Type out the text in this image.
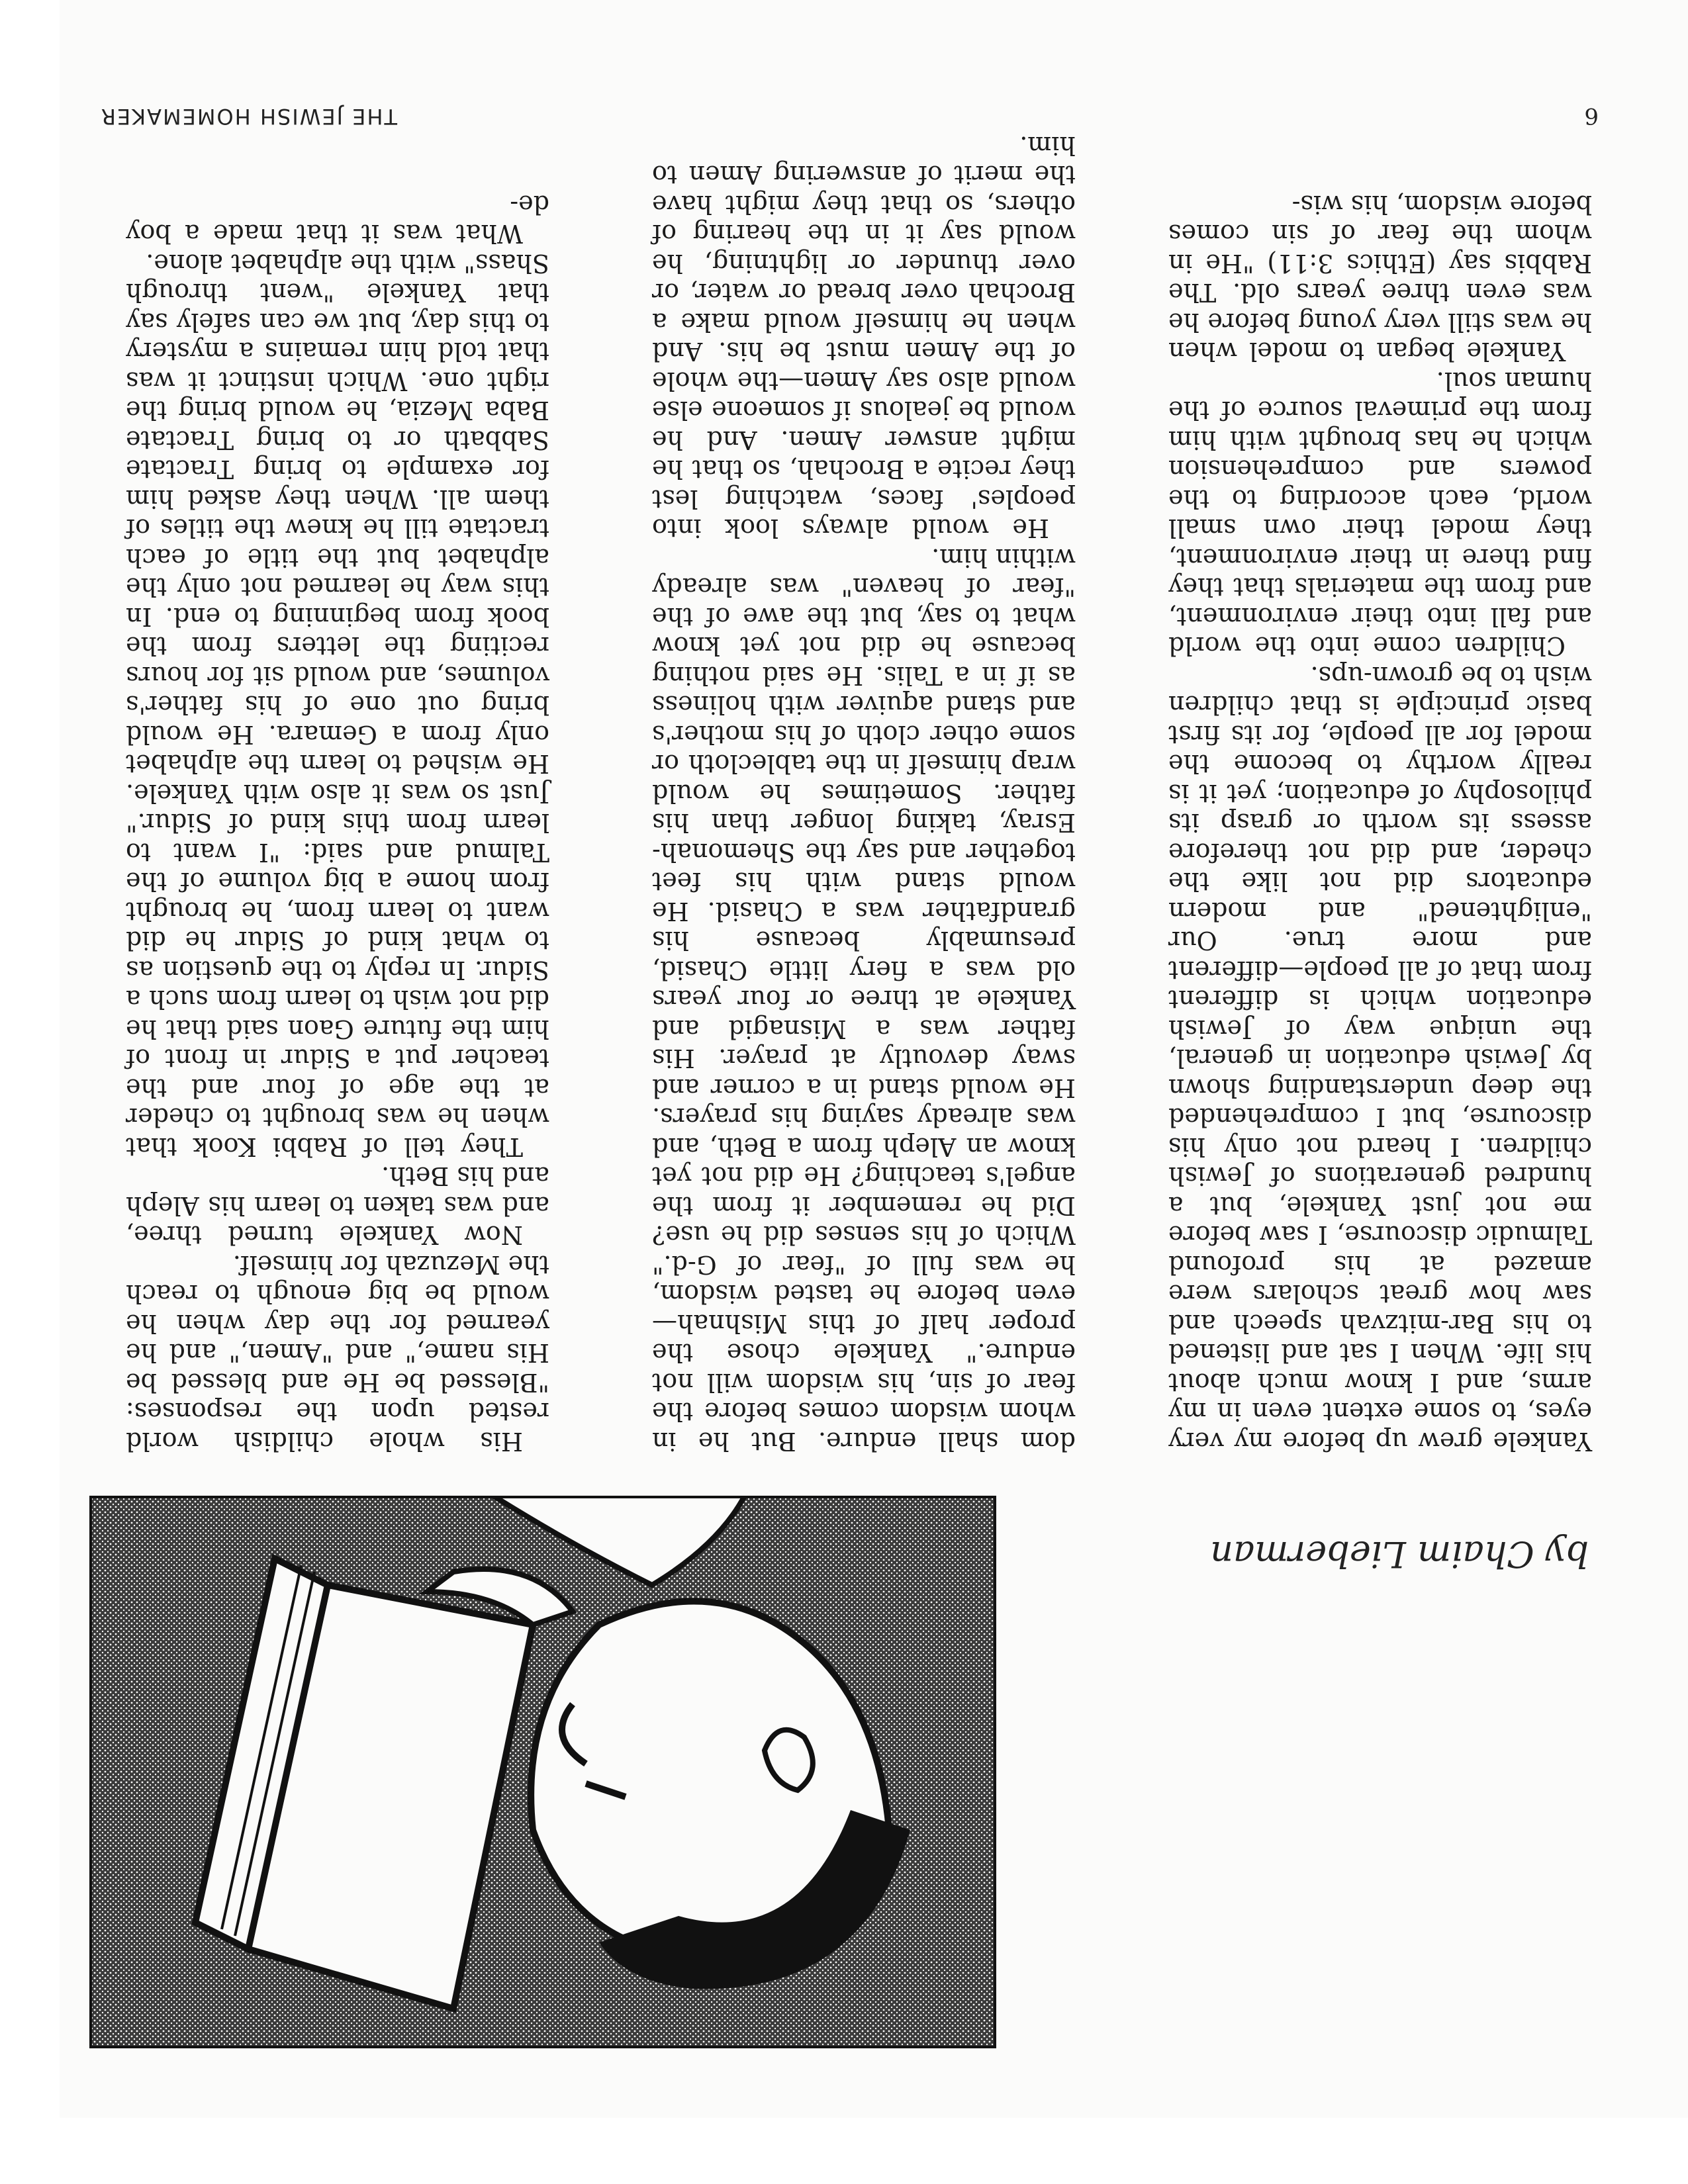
THE JEWISH HOMEMAKER	6
by Chaim Lieberman

Yankele grew up before my very eyes, to some extent even in my arms, and I know much about his life. When I sat and listened to his Bar-mitzvah speech and saw how great scholars were amazed at his profound Talmudic discourse, I saw before me not just Yankele, but a hundred generations of Jewish children. I heard not only his discourse, but I comprehended the deep understanding shown by Jewish education in general, the unique way of Jewish education which is different from that of all people—different and more true. Our "enlightened" and modern educators did not like the cheder, and did not therefore assess its worth or grasp its philosophy of education; yet it is really worthy to become the model for all people, for its first basic principle is that children wish to be grown-ups.

Children come into the world and fall into their environment, and from the materials that they find there in their environment, they model their own small world, each according to the powers and comprehension which he has brought with him from the primeval source of the human soul.

Yankele began to model when he was still very young before he was even three years old. The Rabbis say (Ethics 3:11) "He in whom the fear of sin comes before wisdom, his wis-

dom shall endure. But he in whom wisdom comes before the fear of sin, his wisdom will not endure." Yankele chose the proper half of this Mishnah—even before he tasted wisdom, he was full of "fear of G-d." Which of his senses did he use? Did he remember it from the angel's teaching? He did not yet know an Aleph from a Beth, and was already saying his prayers. He would stand in a corner and sway devoutly at prayer. His father was a Misnagid and Yankele at three or four years old was a fiery little Chasid, presumably because his grandfather was a Chasid. He would stand with his feet together and say the Shemonah-Esray, taking longer than his father. Sometimes he would wrap himself in the tablecloth or some other cloth of his mother's and stand aquiver with holiness as if in a Talis. He said nothing because he did not yet know what to say, but the awe of the "fear of heaven" was already within him.

He would always look into peoples' faces, watching lest they recite a Brochah, so that he might answer Amen. And he would be jealous if someone else would also say Amen—the whole of the Amen must be his. And when he himself would make a Brochah over bread or water, or over thunder or lightning, he would say it in the hearing of others, so that they might have the merit of answering Amen to him.

His whole childish world rested upon the responses: "Blessed be He and blessed be His name," and "Amen," and he yearned for the day when he would be big enough to reach the Mezuzah for himself.

Now Yankele turned three, and was taken to learn his Aleph and his Beth.

They tell of Rabbi Kook that when he was brought to cheder at the age of four and the teacher put a Sidur in front of him the future Gaon said that he did not wish to learn from such a Sidur. In reply to the question as to what kind of Sidur he did want to learn from, he brought from home a big volume of the Talmud and said: "I want to learn from this kind of Sidur." Just so was it also with Yankele. He wished to learn the alphabet only from a Gemara. He would bring out one of his father's volumes, and would sit for hours reciting the letters from the book from beginning to end. In this way he learned not only the alphabet but the title of each tractate till he knew the titles of them all. When they asked him for example to bring Tractate Sabbath or to bring Tractate Baba Mezia, he would bring the right one. Which instinct it was that told him remains a mystery to this day, but we can safely say that Yankele "went through Shass" with the alphabet alone.

What was it that made a boy de-
